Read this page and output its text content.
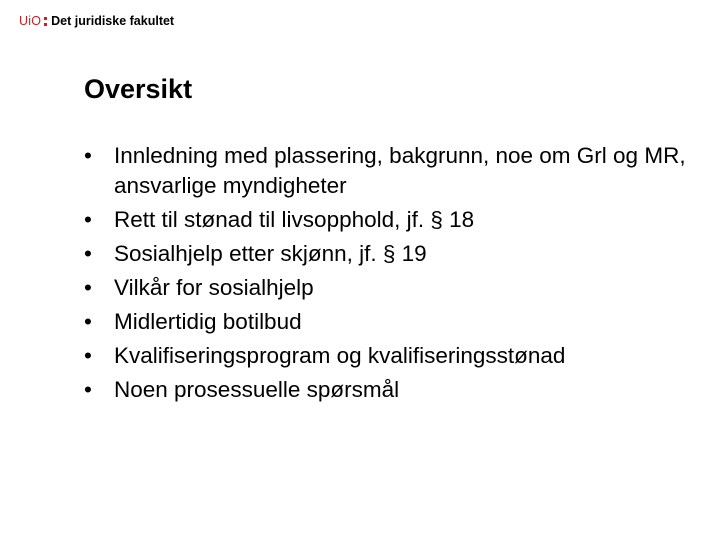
UiO Det juridiske fakultet
Oversikt
• Innledning med plassering, bakgrunn, noe om Grl og MR, ansvarlige myndigheter
• Rett til stønad til livsopphold, jf. § 18
• Sosialhjelp etter skjønn, jf. § 19
• Vilkår for sosialhjelp
• Midlertidig botilbud
• Kvalifiseringsprogram og kvalifiseringsstønad
• Noen prosessuelle spørsmål
